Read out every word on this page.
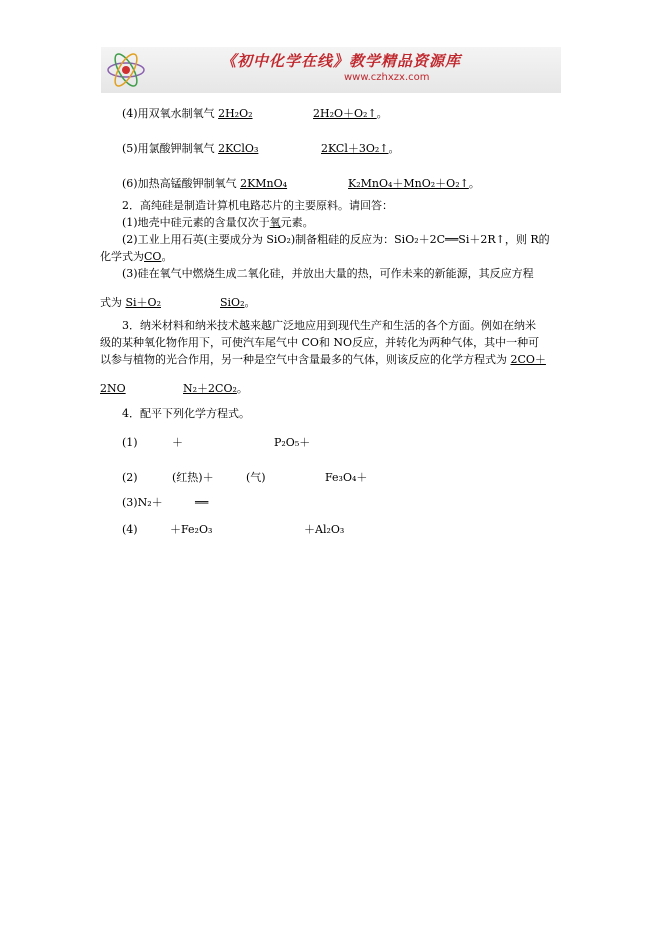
《初中化学在线》教学精品资源库
www.czhxzx.com
(4)用双氧水制氧气 2H₂O₂	2H₂O＋O₂↑。
(5)用氯酸钾制氧气 2KClO₃	2KCl＋3O₂↑。
(6)加热高锰酸钾制氧气 2KMnO₄	K₂MnO₄＋MnO₂＋O₂↑。
2．高纯硅是制造计算机电路芯片的主要原料。请回答：
(1)地壳中硅元素的含量仅次于氧元素。
(2)工业上用石英(主要成分为 SiO₂)制备粗硅的反应为：SiO₂＋2C══Si＋2R↑，则 R的
化学式为CO。
(3)硅在氧气中燃烧生成二氧化硅，并放出大量的热，可作未来的新能源，其反应方程
式为 Si＋O₂	SiO₂。
3．纳米材料和纳米技术越来越广泛地应用到现代生产和生活的各个方面。例如在纳米
级的某种氧化物作用下，可使汽车尾气中 CO和 NO反应，并转化为两种气体，其中一种可
以参与植物的光合作用，另一种是空气中含量最多的气体，则该反应的化学方程式为 2CO＋
2NO	N₂＋2CO₂。
4．配平下列化学方程式。
(1)	＋	P₂O₅＋
(2)	(红热)＋	(气)	Fe₃O₄＋
(3)N₂＋	══
(4)	＋Fe₂O₃	＋Al₂O₃
